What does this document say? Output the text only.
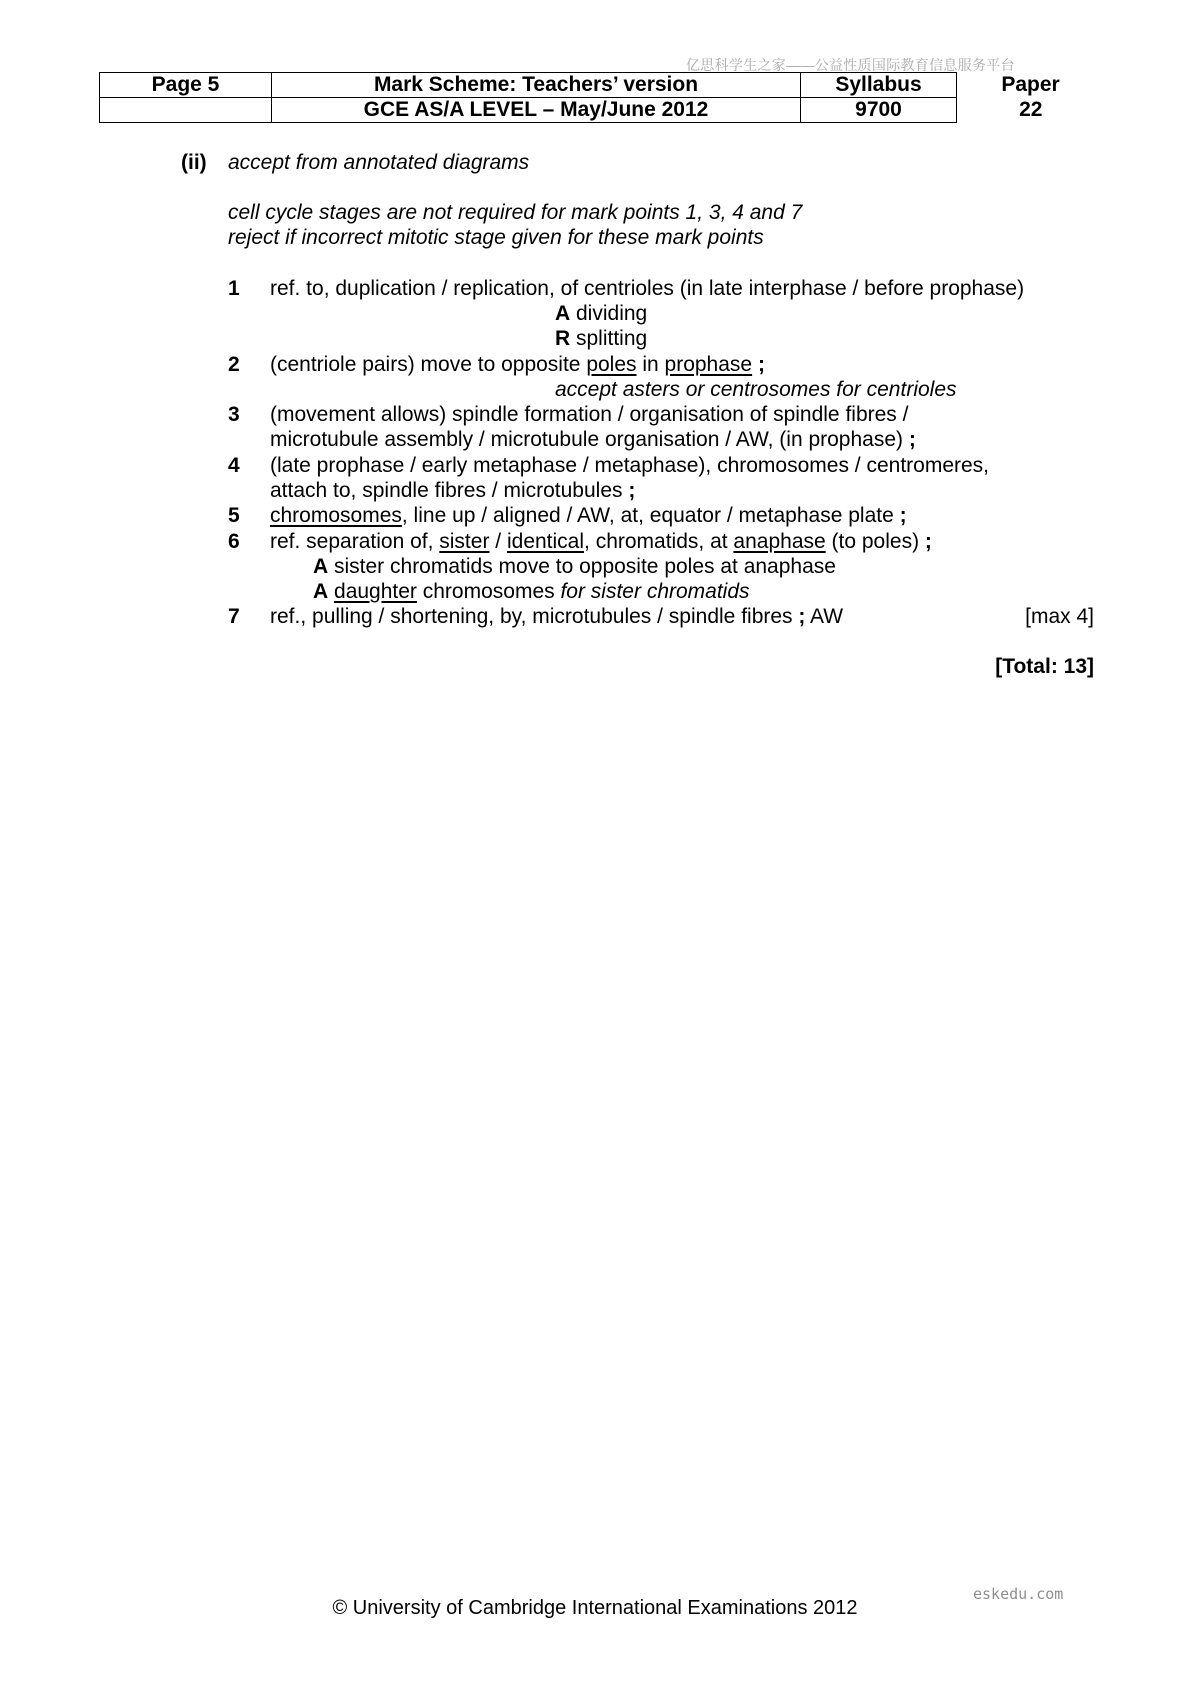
亿思科学生之家——公益性质国际教育信息服务平台
Page 5	Mark Scheme: Teachers’ version	Syllabus	Paper
	GCE AS/A LEVEL – May/June 2012	9700	22
(ii) accept from annotated diagrams
cell cycle stages are not required for mark points 1, 3, 4 and 7
reject if incorrect mitotic stage given for these mark points
1 ref. to, duplication / replication, of centrioles (in late interphase / before prophase)
A dividing
R splitting
2 (centriole pairs) move to opposite poles in prophase ;
accept asters or centrosomes for centrioles
3 (movement allows) spindle formation / organisation of spindle fibres /
microtubule assembly / microtubule organisation / AW, (in prophase) ;
4 (late prophase / early metaphase / metaphase), chromosomes / centromeres,
attach to, spindle fibres / microtubules ;
5 chromosomes, line up / aligned / AW, at, equator / metaphase plate ;
6 ref. separation of, sister / identical, chromatids, at anaphase (to poles) ;
A sister chromatids move to opposite poles at anaphase
A daughter chromosomes for sister chromatids
7 ref., pulling / shortening, by, microtubules / spindle fibres ; AW	[max 4]
[Total: 13]
eskedu.com
© University of Cambridge International Examinations 2012
